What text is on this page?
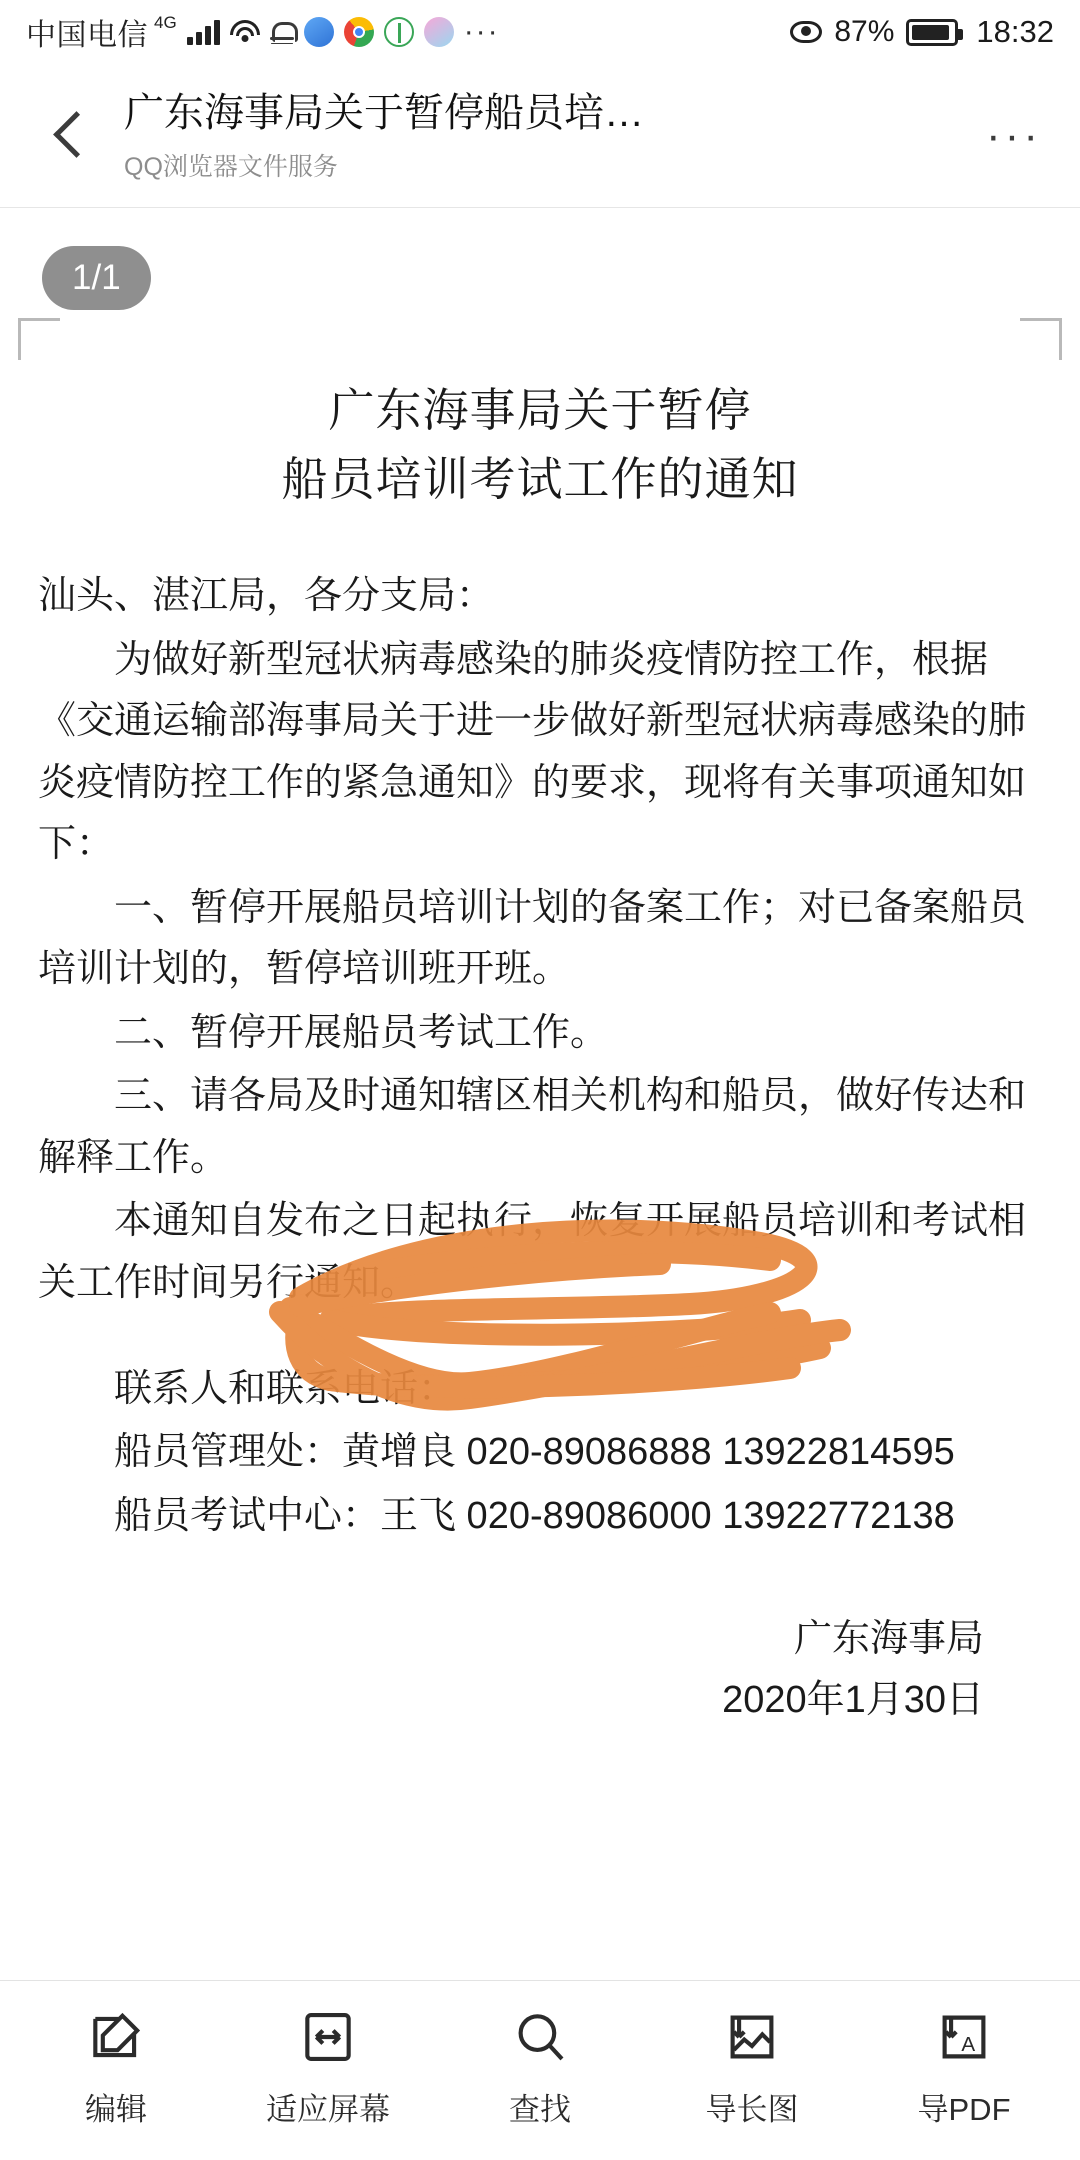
中国电信 4G	···	87%	18:32
广东海事局关于暂停船员培…
QQ浏览器文件服务
···
1/1
广东海事局关于暂停
船员培训考试工作的通知

汕头、湛江局，各分支局：

为做好新型冠状病毒感染的肺炎疫情防控工作，根据《交通运输部海事局关于进一步做好新型冠状病毒感染的肺炎疫情防控工作的紧急通知》的要求，现将有关事项通知如下：

一、暂停开展船员培训计划的备案工作；对已备案船员培训计划的，暂停培训班开班。

二、暂停开展船员考试工作。

三、请各局及时通知辖区相关机构和船员，做好传达和解释工作。

本通知自发布之日起执行，恢复开展船员培训和考试相关工作时间另行通知。

联系人和联系电话：

船员管理处：黄增良 020-89086888 13922814595

船员考试中心：王飞 020-89086000 13922772138

广东海事局
2020年1月30日
编辑	适应屏幕	查找	导长图
A
导PDF
